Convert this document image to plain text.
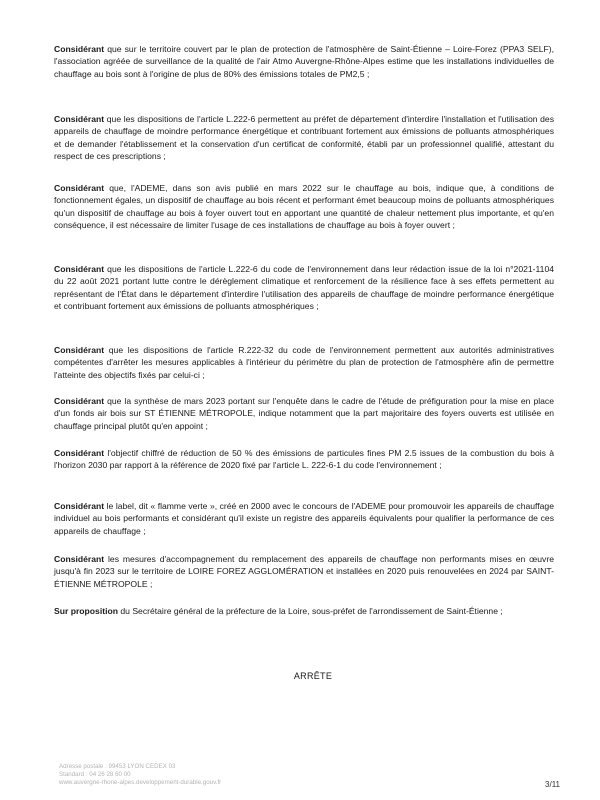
Considérant que sur le territoire couvert par le plan de protection de l'atmosphère de Saint-Étienne – Loire-Forez (PPA3 SELF), l'association agréée de surveillance de la qualité de l'air Atmo Auvergne-Rhône-Alpes estime que les installations individuelles de chauffage au bois sont à l'origine de plus de 80% des émissions totales de PM2,5 ;

Considérant que les dispositions de l'article L.222-6 permettent au préfet de département d'interdire l'installation et l'utilisation des appareils de chauffage de moindre performance énergétique et contribuant fortement aux émissions de polluants atmosphériques et de demander l'établissement et la conservation d'un certificat de conformité, établi par un professionnel qualifié, attestant du respect de ces prescriptions ;

Considérant que, l'ADEME, dans son avis publié en mars 2022 sur le chauffage au bois, indique que, à conditions de fonctionnement égales, un dispositif de chauffage au bois récent et performant émet beaucoup moins de polluants atmosphériques qu'un dispositif de chauffage au bois à foyer ouvert tout en apportant une quantité de chaleur nettement plus importante, et qu'en conséquence, il est nécessaire de limiter l'usage de ces installations de chauffage au bois à foyer ouvert ;

Considérant que les dispositions de l'article L.222-6 du code de l'environnement dans leur rédaction issue de la loi n°2021-1104 du 22 août 2021 portant lutte contre le dérèglement climatique et renforcement de la résilience face à ses effets permettent au représentant de l'État dans le département d'interdire l'utilisation des appareils de chauffage de moindre performance énergétique et contribuant fortement aux émissions de polluants atmosphériques ;

Considérant que les dispositions de l'article R.222-32 du code de l'environnement permettent aux autorités administratives compétentes d'arrêter les mesures applicables à l'intérieur du périmètre du plan de protection de l'atmosphère afin de permettre l'atteinte des objectifs fixés par celui-ci ;

Considérant que la synthèse de mars 2023 portant sur l'enquête dans le cadre de l'étude de préfiguration pour la mise en place d'un fonds air bois sur ST ÉTIENNE MÉTROPOLE, indique notamment que la part majoritaire des foyers ouverts est utilisée en chauffage principal plutôt qu'en appoint ;

Considérant l'objectif chiffré de réduction de 50 % des émissions de particules fines PM 2.5 issues de la combustion du bois à l'horizon 2030 par rapport à la référence de 2020 fixé par l'article L. 222-6-1 du code l'environnement ;

Considérant le label, dit « flamme verte », créé en 2000 avec le concours de l'ADEME pour promouvoir les appareils de chauffage individuel au bois performants et considérant qu'il existe un registre des appareils équivalents pour qualifier la performance de ces appareils de chauffage ;

Considérant les mesures d'accompagnement du remplacement des appareils de chauffage non performants mises en œuvre jusqu'à fin 2023 sur le territoire de LOIRE FOREZ AGGLOMÉRATION et installées en 2020 puis renouvelées en 2024 par SAINT-ÉTIENNE MÉTROPOLE ;

Sur proposition du Secrétaire général de la préfecture de la Loire, sous-préfet de l'arrondissement de Saint-Étienne ;

ARRÊTE
Adresse postale : 99453 LYON CEDEX 03
Standard : 04 26 28 60 00
www.auvergne-rhone-alpes.developpement-durable.gouv.fr	3/11
